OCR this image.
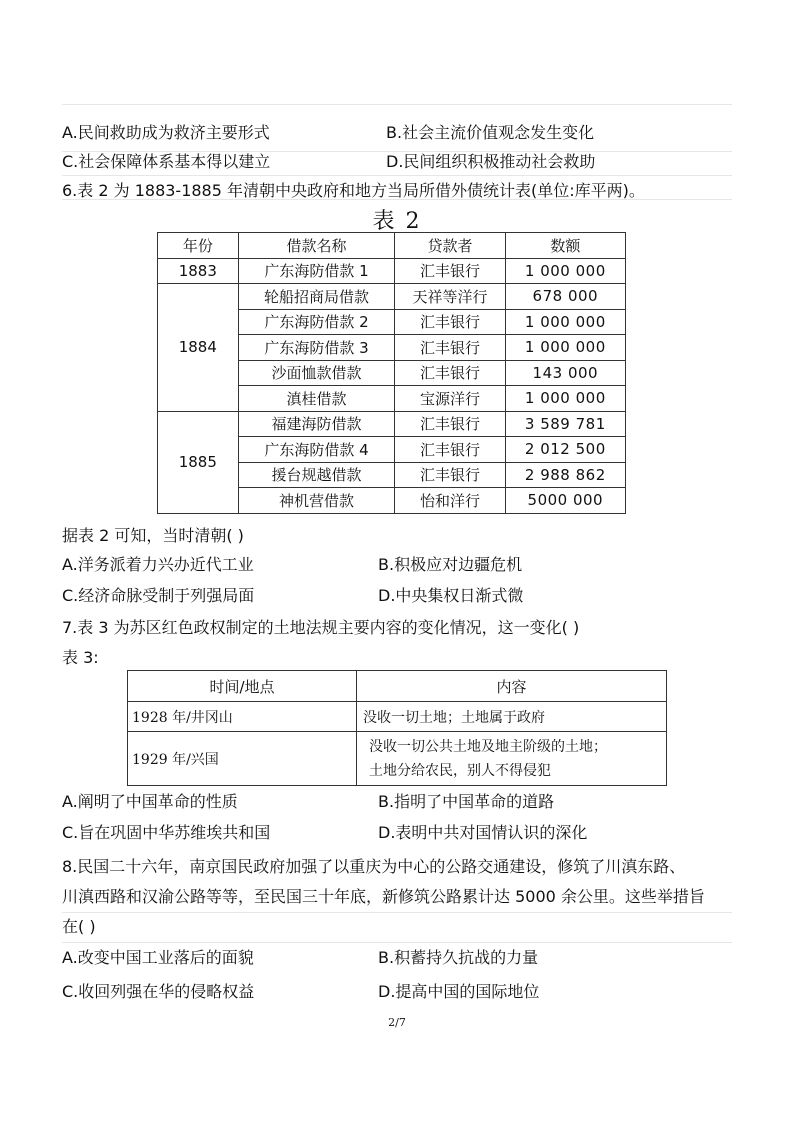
A.民间救助成为救济主要形式	B.社会主流价值观念发生变化
C.社会保障体系基本得以建立	D.民间组织积极推动社会救助
6.表 2 为 1883-1885 年清朝中央政府和地方当局所借外债统计表(单位:库平两)。
表 2
年份	借款名称	贷款者	数额
1883	广东海防借款 1	汇丰银行	1 000 000
1884	轮船招商局借款	天祥等洋行	678 000
	广东海防借款 2	汇丰银行	1 000 000
	广东海防借款 3	汇丰银行	1 000 000
	沙面恤款借款	汇丰银行	143 000
	滇桂借款	宝源洋行	1 000 000
1885	福建海防借款	汇丰银行	3 589 781
	广东海防借款 4	汇丰银行	2 012 500
	援台规越借款	汇丰银行	2 988 862
	神机营借款	怡和洋行	5000 000
据表 2 可知，当时清朝( )
A.洋务派着力兴办近代工业	B.积极应对边疆危机
C.经济命脉受制于列强局面	D.中央集权日渐式微
7.表 3 为苏区红色政权制定的土地法规主要内容的变化情况，这一变化( )
表 3:
时间/地点	内容
1928 年/井冈山	没收一切土地；土地属于政府
1929 年/兴国	没收一切公共土地及地主阶级的土地；
土地分给农民，别人不得侵犯
A.阐明了中国革命的性质	B.指明了中国革命的道路
C.旨在巩固中华苏维埃共和国	D.表明中共对国情认识的深化
8.民国二十六年，南京国民政府加强了以重庆为中心的公路交通建设，修筑了川滇东路、
川滇西路和汉渝公路等等，至民国三十年底，新修筑公路累计达 5000 余公里。这些举措旨
在( )
A.改变中国工业落后的面貌	B.积蓄持久抗战的力量
C.收回列强在华的侵略权益	D.提高中国的国际地位
2/7
